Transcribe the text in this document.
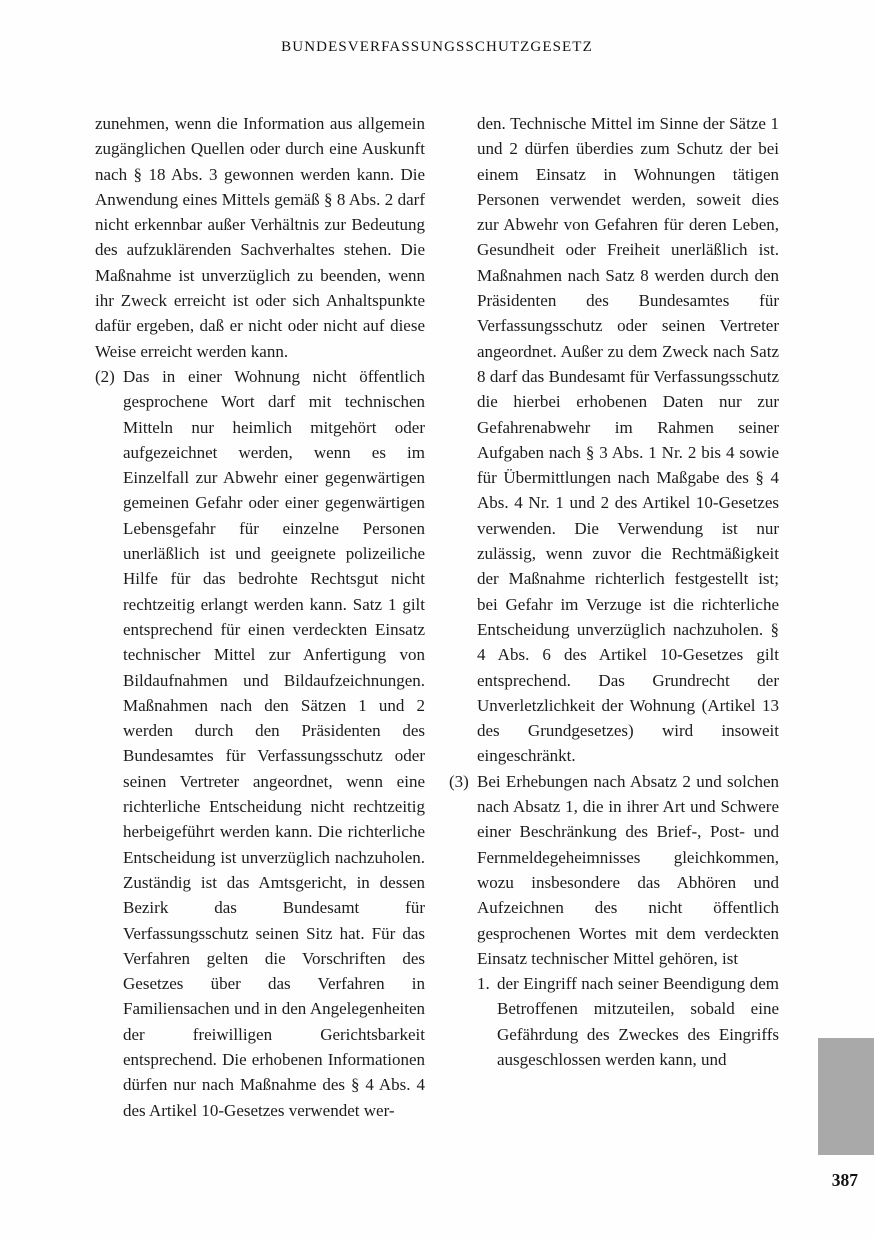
BUNDESVERFASSUNGSSCHUTZGESETZ

zunehmen, wenn die Information aus allgemein zugänglichen Quellen oder durch eine Auskunft nach § 18 Abs. 3 gewonnen werden kann. Die Anwendung eines Mittels gemäß § 8 Abs. 2 darf nicht erkennbar außer Verhältnis zur Bedeutung des aufzuklärenden Sachverhaltes stehen. Die Maßnahme ist unverzüglich zu beenden, wenn ihr Zweck erreicht ist oder sich Anhaltspunkte dafür ergeben, daß er nicht oder nicht auf diese Weise erreicht werden kann.

(2) Das in einer Wohnung nicht öffentlich gesprochene Wort darf mit technischen Mitteln nur heimlich mitgehört oder aufgezeichnet werden, wenn es im Einzelfall zur Abwehr einer gegenwärtigen gemeinen Gefahr oder einer gegenwärtigen Lebensgefahr für einzelne Personen unerläßlich ist und geeignete polizeiliche Hilfe für das bedrohte Rechtsgut nicht rechtzeitig erlangt werden kann. Satz 1 gilt entsprechend für einen verdeckten Einsatz technischer Mittel zur Anfertigung von Bildaufnahmen und Bildaufzeichnungen. Maßnahmen nach den Sätzen 1 und 2 werden durch den Präsidenten des Bundesamtes für Verfassungsschutz oder seinen Vertreter angeordnet, wenn eine richterliche Entscheidung nicht rechtzeitig herbeigeführt werden kann. Die richterliche Entscheidung ist unverzüglich nachzuholen. Zuständig ist das Amtsgericht, in dessen Bezirk das Bundesamt für Verfassungsschutz seinen Sitz hat. Für das Verfahren gelten die Vorschriften des Gesetzes über das Verfahren in Familiensachen und in den Angelegenheiten der freiwilligen Gerichtsbarkeit entsprechend. Die erhobenen Informationen dürfen nur nach Maßnahme des § 4 Abs. 4 des Artikel 10-Gesetzes verwendet wer-

den. Technische Mittel im Sinne der Sätze 1 und 2 dürfen überdies zum Schutz der bei einem Einsatz in Wohnungen tätigen Personen verwendet werden, soweit dies zur Abwehr von Gefahren für deren Leben, Gesundheit oder Freiheit unerläßlich ist. Maßnahmen nach Satz 8 werden durch den Präsidenten des Bundesamtes für Verfassungsschutz oder seinen Vertreter angeordnet. Außer zu dem Zweck nach Satz 8 darf das Bundesamt für Verfassungsschutz die hierbei erhobenen Daten nur zur Gefahrenabwehr im Rahmen seiner Aufgaben nach § 3 Abs. 1 Nr. 2 bis 4 sowie für Übermittlungen nach Maßgabe des § 4 Abs. 4 Nr. 1 und 2 des Artikel 10-Gesetzes verwenden. Die Verwendung ist nur zulässig, wenn zuvor die Rechtmäßigkeit der Maßnahme richterlich festgestellt ist; bei Gefahr im Verzuge ist die richterliche Entscheidung unverzüglich nachzuholen. § 4 Abs. 6 des Artikel 10-Gesetzes gilt entsprechend. Das Grundrecht der Unverletzlichkeit der Wohnung (Artikel 13 des Grundgesetzes) wird insoweit eingeschränkt.

(3) Bei Erhebungen nach Absatz 2 und solchen nach Absatz 1, die in ihrer Art und Schwere einer Beschränkung des Brief-, Post- und Fernmeldegeheimnisses gleichkommen, wozu insbesondere das Abhören und Aufzeichnen des nicht öffentlich gesprochenen Wortes mit dem verdeckten Einsatz technischer Mittel gehören, ist
1. der Eingriff nach seiner Beendigung dem Betroffenen mitzuteilen, sobald eine Gefährdung des Zweckes des Eingriffs ausgeschlossen werden kann, und
387
